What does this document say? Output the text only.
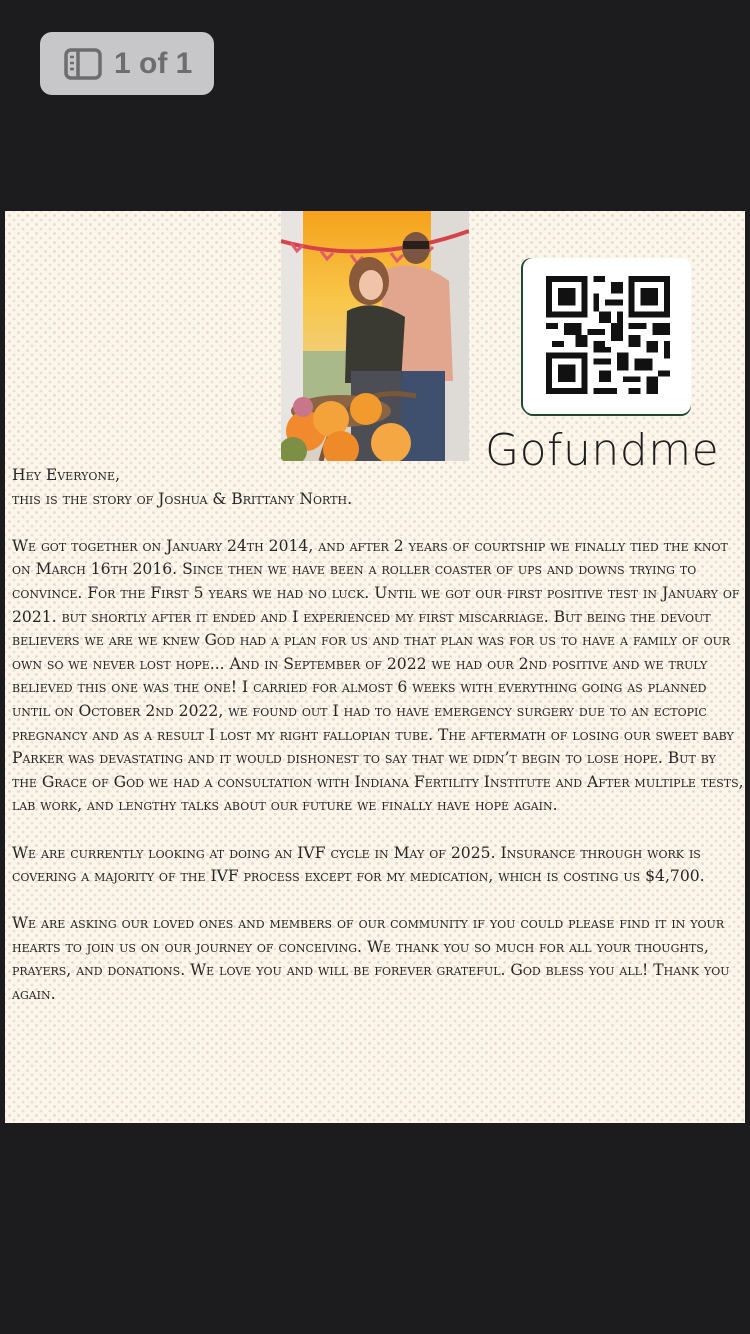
1 of 1
Gofundme
Hey Everyone,
this is the story of Joshua & Brittany North.

We got together on January 24th 2014, and after 2 years of courtship we finally tied the knot on March 16th 2016. Since then we have been a roller coaster of ups and downs trying to convince. For the First 5 years we had no luck. Until we got our first positive test in January of 2021. but shortly after it ended and I experienced my first miscarriage. But being the devout believers we are we knew God had a plan for us and that plan was for us to have a family of our own so we never lost hope... And in September of 2022 we had our 2nd positive and we truly believed this one was the one! I carried for almost 6 weeks with everything going as planned until on October 2nd 2022, we found out I had to have emergency surgery due to an ectopic pregnancy and as a result I lost my right fallopian tube. The aftermath of losing our sweet baby Parker was devastating and it would dishonest to say that we didn’t begin to lose hope. But by the Grace of God we had a consultation with Indiana Fertility Institute and After multiple tests, lab work, and lengthy talks about our future we finally have hope again.

We are currently looking at doing an IVF cycle in May of 2025. Insurance through work is covering a majority of the IVF process except for my medication, which is costing us $4,700.

We are asking our loved ones and members of our community if you could please find it in your hearts to join us on our journey of conceiving. We thank you so much for all your thoughts, prayers, and donations. We love you and will be forever grateful. God bless you all! Thank you again.
